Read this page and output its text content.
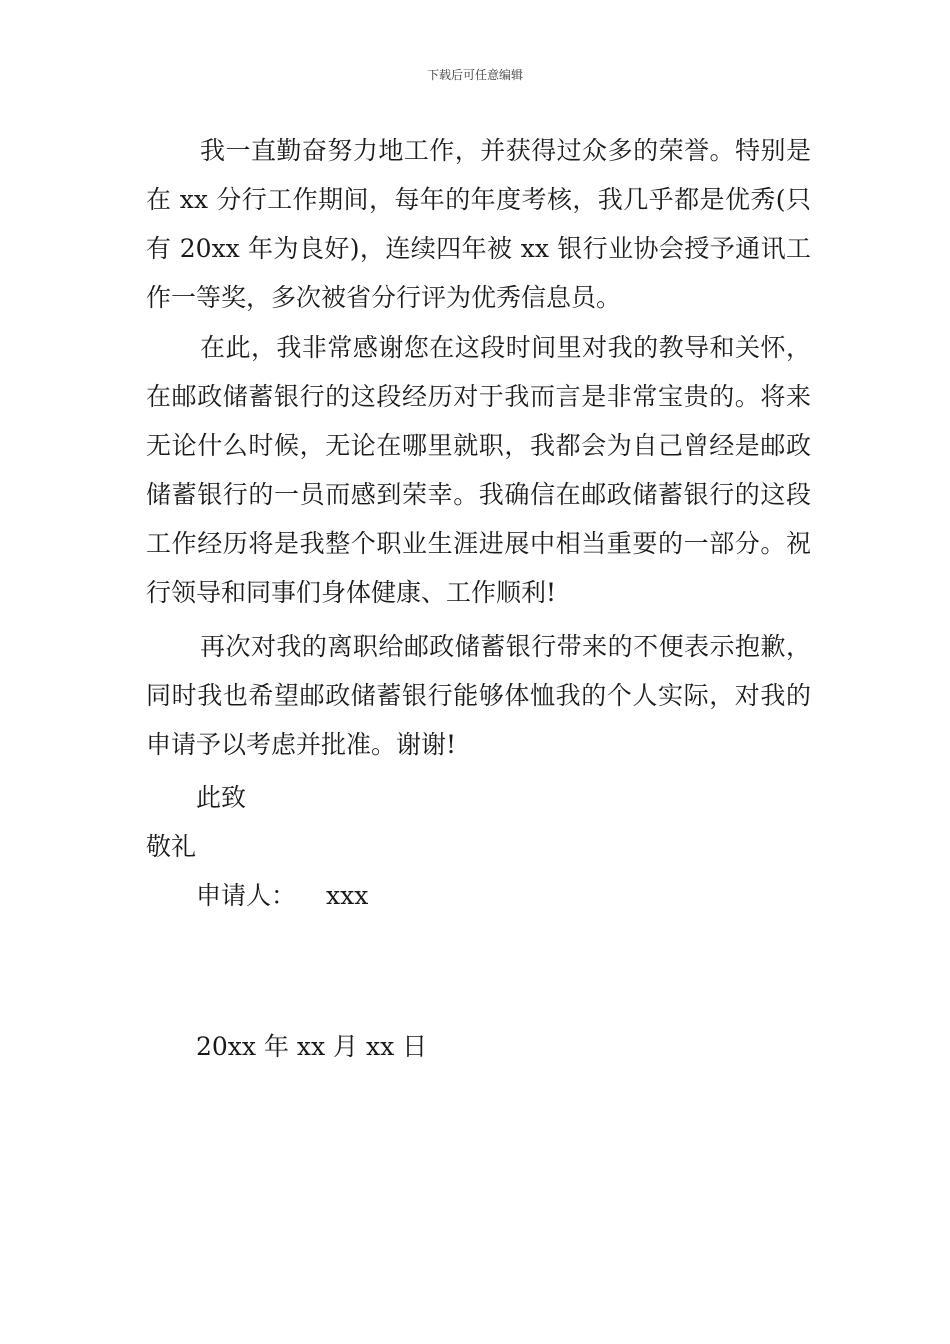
下载后可任意编辑
我一直勤奋努力地工作，并获得过众多的荣誉。特别是在 xx 分行工作期间，每年的年度考核，我几乎都是优秀(只有 20xx 年为良好)，连续四年被 xx 银行业协会授予通讯工作一等奖，多次被省分行评为优秀信息员。
在此，我非常感谢您在这段时间里对我的教导和关怀，在邮政储蓄银行的这段经历对于我而言是非常宝贵的。将来无论什么时候，无论在哪里就职，我都会为自己曾经是邮政储蓄银行的一员而感到荣幸。我确信在邮政储蓄银行的这段工作经历将是我整个职业生涯进展中相当重要的一部分。祝行领导和同事们身体健康、工作顺利!
再次对我的离职给邮政储蓄银行带来的不便表示抱歉，同时我也希望邮政储蓄银行能够体恤我的个人实际，对我的申请予以考虑并批准。谢谢!
此致
敬礼
申请人： xxx
20xx 年 xx 月 xx 日
